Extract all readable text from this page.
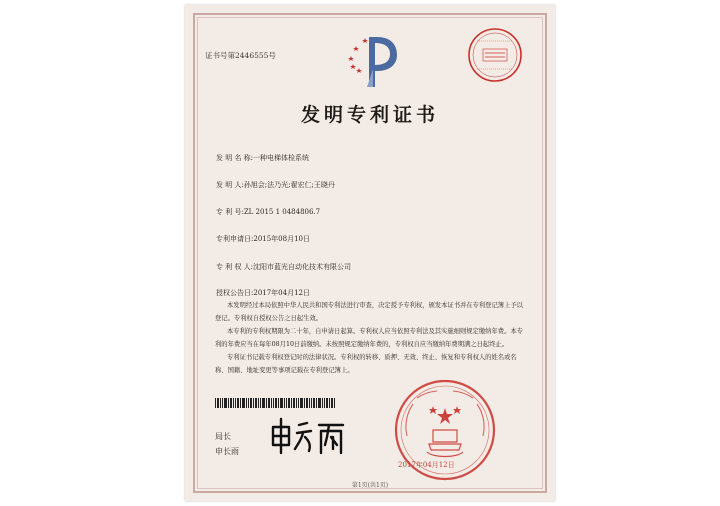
证书号第2446555号
发明专利证书
发 明 名 称:一种电梯体检系统
发 明 人:孙旭会;法乃光;翟宏仁;王晓丹
专 利 号:ZL 2015 1 0484806.7
专利申请日:2015年08月10日
专 利 权 人:沈阳市蓝光自动化技术有限公司
授权公告日:2017年04月12日

本发明经过本局依照中华人民共和国专利法进行审查，决定授予专利权，颁发本证书并在专利登记簿上予以登记。专利权自授权公告之日起生效。

本专利的专利权期限为二十年，自申请日起算。专利权人应当依照专利法及其实施细则规定缴纳年费。本专利的年费应当在每年08月10日前缴纳。未按照规定缴纳年费的，专利权自应当缴纳年费期满之日起终止。

专利证书记载专利权登记时的法律状况。专利权的转移、质押、无效、终止、恢复和专利权人的姓名或名称、国籍、地址变更等事项记载在专利登记簿上。

局长
申长雨
2017年04月12日
第1页(共1页)
